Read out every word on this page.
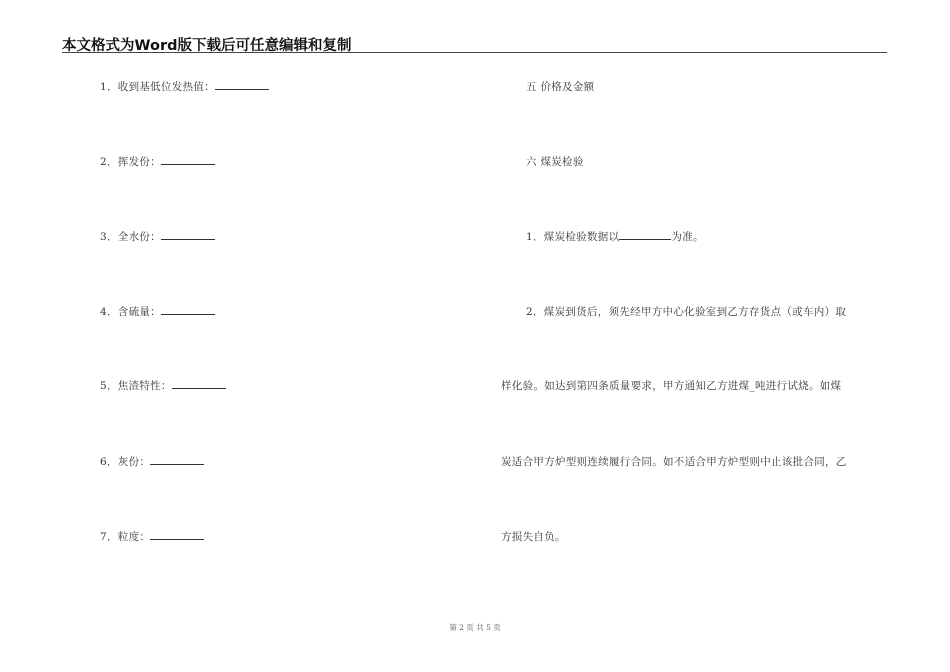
本文格式为Word版下载后可任意编辑和复制
1．收到基低位发热值：
2．挥发份：
3．全水份：
4．含硫量：
5．焦渣特性：
6．灰份：
7．粒度：
五 价格及金额
六 煤炭检验
1．煤炭检验数据以	为准。
2．煤炭到货后，须先经甲方中心化验室到乙方存货点（或车内）取
样化验。如达到第四条质量要求，甲方通知乙方进煤_吨进行试烧。如煤
炭适合甲方炉型则连续履行合同。如不适合甲方炉型则中止该批合同，乙
方损失自负。
第 2 页 共 5 页
